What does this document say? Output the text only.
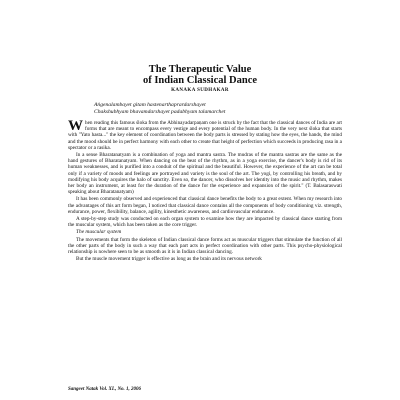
The Therapeutic Value
of Indian Classical Dance
KANAKA SUDHAKAR
Aṅgenalambayet gitam hastenarthaprardarshayet
Chakshubhyam bhavamdarshayet padabhyam talamarchet

When reading this famous śloka from the Abhinayadarpaṇam one is struck by the fact that the classical dances of India are art forms that are meant to encompass every vestige and every potential of the human body. In the very next śloka that starts with "Yato hasta..." the key element of coordination between the body parts is stressed by stating how the eyes, the hands, the mind and the mood should be in perfect harmony with each other to create that height of perfection which succeeds in producing rasa in a spectator or a rasika.

In a sense Bharatanatyam is a combination of yoga and mantra sastra. The mudras of the mantra sastras are the same as the hand gestures of Bharatanatyam. When dancing on the beat of the rhythm, as in a yoga exercise, the dancer's body is rid of its human weaknesses, and is purified into a conduit of the spiritual and the beautiful. However, the experience of the art can be total only if a variety of moods and feelings are portrayed and variety is the soul of the art. The yogi, by controlling his breath, and by modifying his body acquires the halo of sanctity. Even so, the dancer, who dissolves her identity into the music and rhythm, makes her body an instrument, at least for the duration of the dance for the experience and expansion of the spirit." (T. Balasaraswati speaking about Bharatanatyam)

It has been commonly observed and experienced that classical dance benefits the body to a great extent. When my research into the advantages of this art form began, I noticed that classical dance contains all the components of body conditioning viz. strength, endurance, power, flexibility, balance, agility, kinesthetic awareness, and cardiovascular endurance.

A step-by-step study was conducted on each organ system to examine how they are impacted by classical dance starting from the muscular system, which has been taken as the core trigger.

The muscular system

The movements that form the skeleton of Indian classical dance forms act as muscular triggers that stimulate the function of all the other parts of the body in such a way that each part acts in perfect coordination with other parts. This psycho-physiological relationship is nowhere seen to be as smooth as it is in Indian classical dancing.

But the muscle movement trigger is effective as long as the brain and its nervous network

Sangeet Natak Vol. XL, No. 1, 2006
